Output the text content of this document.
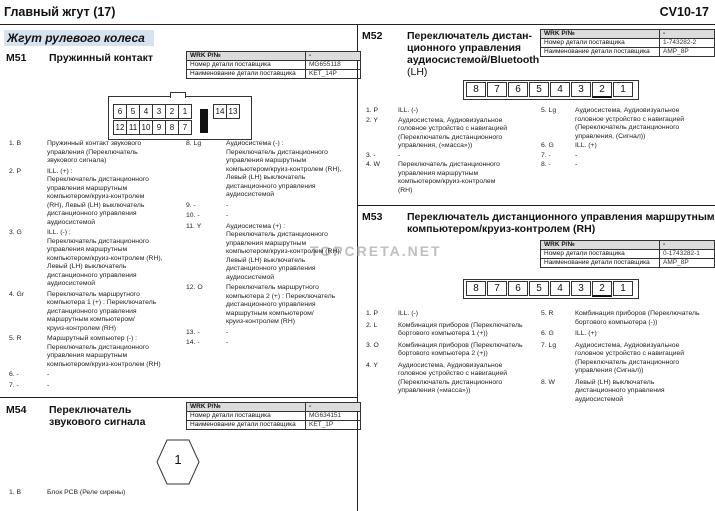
Главный жгут (17)	CV10-17
TOPCRETA.NET
Жгут рулевого колеса
M51 Пружинный контакт	WRK P/№	-
Номер детали поставщика	MG655118
Наименование детали поставщика	KET_14P
6	5	4	3	2	1	14 13
12 11 10 9	8	7
1. B	Пружинный контакт звукового
управления (Переключатель
звукового сигнала)
2. P	ILL. (+) :
Переключатель дистанционного
управления маршрутным
компьютером/круиз-контролем
(RH), Левый (LH) выключатель
дистанционного управления
аудиосистемой
3. G	ILL. (-) :
Переключатель дистанционного
управления маршрутным
компьютером/круиз-контролем (RH),
Левый (LH) выключатель
дистанционного управления
аудиосистемой
4. Gr	Переключатель маршрутного
компьютера 1 (+) : Переключатель
дистанционного управления
маршрутным компьютером/
круиз-контролем (RH)
5. R	Маршрутный компьютер (-) :
Переключатель дистанционного
управления маршрутным
компьютером/круиз-контролем (RH)
6. -	-
7. -	-
8. Lg	Аудиосистема (-) :
Переключатель дистанционного
управления маршрутным
компьютером/круиз-контролем (RH),
Левый (LH) выключатель
дистанционного управления
аудиосистемой
9. -	-
10. -	-
11. Y	Аудиосистема (+) :
Переключатель дистанционного
управления маршрутным
компьютером/круиз-контролем (RH),
Левый (LH) выключатель
дистанционного управления
аудиосистемой
12. O	Переключатель маршрутного
компьютера 2 (+) : Переключатель
дистанционного управления
маршрутным компьютером/
круиз-контролем (RH)
13. -	-
14. -	-
M54 Переключатель
звукового сигнала
WRK P/№	-
Номер детали поставщика	MG634151
Наименование детали поставщика	KET_1P
1
1. B	Блок PCB (Реле сирены)
M52 Переключатель дистан-
ционного управления
аудиосистемой/Bluetooth
(LH)
WRK P/№	-
Номер детали поставщика	1-743282-2
Наименование детали поставщика	AMP_8P
8	7	6	5	4	3	2	1
1. P	ILL. (-)
2. Y	Аудиосистема, Аудиовизуальное
головное устройство с навигацией
(Переключатель дистанционного
управления, («масса»))
3. -	-
4. W	Переключатель дистанционного
управления маршрутным
компьютером/круиз-контролем
(RH)
5. Lg	Аудиосистема, Аудиовизуальное
головное устройство с навигацией
(Переключатель дистанционного
управления, (Сигнал))
6. G	ILL. (+)
7. -	-
8. -	-
M53 Переключатель дистанционного управления маршрутным
компьютером/круиз-контролем (RH)
WRK P/№	-
Номер детали поставщика	0-1743282-1
Наименование детали поставщика	AMP_8P
8	7	6	5	4	3	2	1
1. P	ILL. (-)
2. L	Комбинация приборов (Переключатель
бортового компьютера 1 (+))
3. O	Комбинация приборов (Переключатель
бортового компьютера 2 (+))
4. Y	Аудиосистема, Аудиовизуальное
головное устройство с навигацией
(Переключатель дистанционного
управления («масса»))
5. R	Комбинация приборов (Переключатель
бортового компьютера (-))
6. G	ILL. (+)
7. Lg	Аудиосистема, Аудиовизуальное
головное устройство с навигацией
(Переключатель дистанционного
управления (Сигнал))
8. W	Левый (LH) выключатель
дистанционного управления
аудиосистемой
